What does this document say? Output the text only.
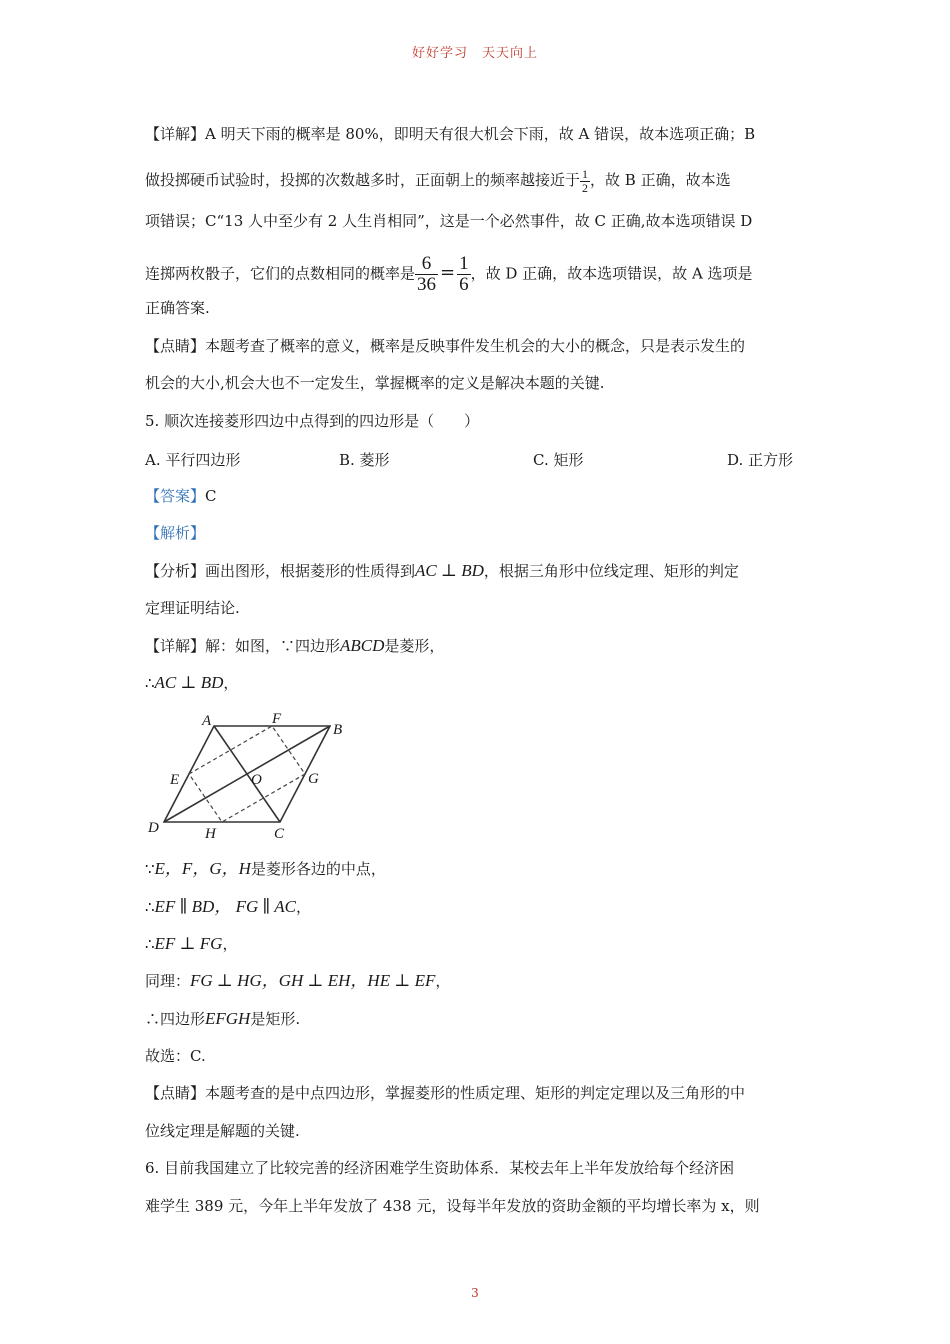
好好学习　天天向上
【详解】A 明天下雨的概率是 80%，即明天有很大机会下雨，故 A 错误，故本选项正确；B
做投掷硬币试验时，投掷的次数越多时，正面朝上的频率越接近于 $\frac{1}{2}$ ，故 B 正确，故本选
项错误；C“13 人中至少有 2 人生肖相同”，这是一个必然事件，故 C 正确,故本选项错误 D
连掷两枚骰子，它们的点数相同的概率是 $\frac{6}{36} = \frac{1}{6}$ ，故 D 正确，故本选项错误，故 A 选项是
正确答案.
【点睛】本题考查了概率的意义，概率是反映事件发生机会的大小的概念，只是表示发生的
机会的大小,机会大也不一定发生，掌握概率的定义是解决本题的关键.
5. 顺次连接菱形四边中点得到的四边形是（　　）
A. 平行四边形	B. 菱形	C. 矩形	D. 正方形
【答案】C
【解析】
【分析】画出图形，根据菱形的性质得到AC ⊥ BD，根据三角形中位线定理、矩形的判定
定理证明结论.
【详解】解：如图，∵四边形ABCD是菱形，
∴AC ⊥ BD，
A
B
C
D
E
F
G
H
O
∵E，F，G，H是菱形各边的中点，
∴EF ∥ BD， FG ∥ AC，
∴EF ⊥ FG，
同理：FG ⊥ HG，GH ⊥ EH，HE ⊥ EF，
∴四边形EFGH是矩形.
故选：C.
【点睛】本题考查的是中点四边形，掌握菱形的性质定理、矩形的判定定理以及三角形的中
位线定理是解题的关键.
6. 目前我国建立了比较完善的经济困难学生资助体系．某校去年上半年发放给每个经济困
难学生 389 元，今年上半年发放了 438 元，设每半年发放的资助金额的平均增长率为 x，则
3
